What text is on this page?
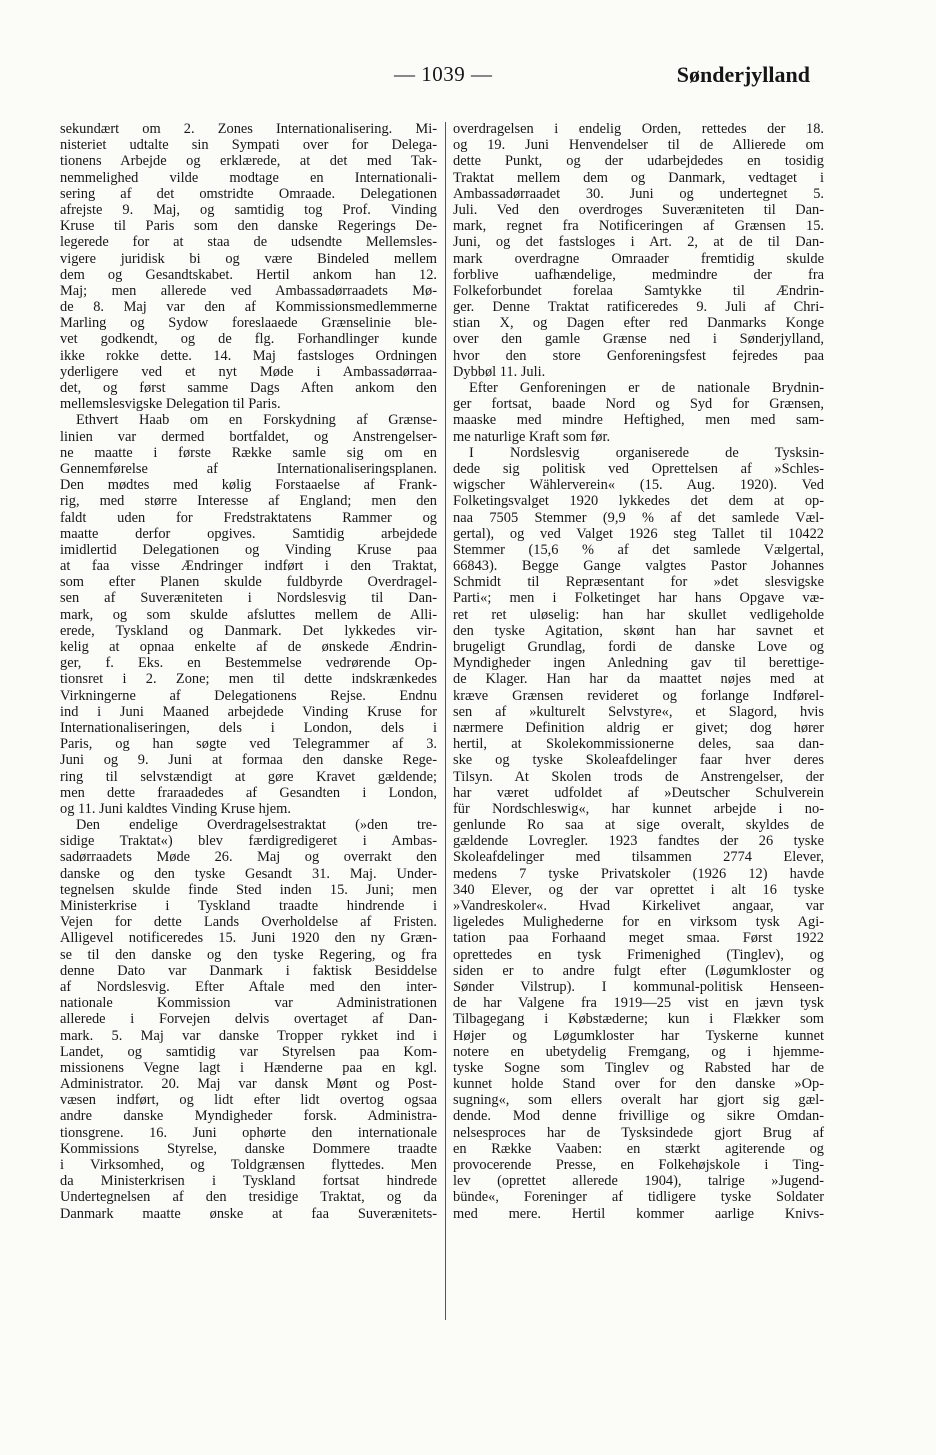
— 1039 —	Sønderjylland
sekundært om 2. Zones Internationalisering. Mi-
nisteriet udtalte sin Sympati over for Delega-
tionens Arbejde og erklærede, at det med Tak-
nemmelighed vilde modtage en Internationali-
sering af det omstridte Omraade. Delegationen
afrejste 9. Maj, og samtidig tog Prof. Vinding
Kruse til Paris som den danske Regerings De-
legerede for at staa de udsendte Mellemsles-
vigere juridisk bi og være Bindeled mellem
dem og Gesandtskabet. Hertil ankom han 12.
Maj; men allerede ved Ambassadørraadets Mø-
de 8. Maj var den af Kommissionsmedlemmerne
Marling og Sydow foreslaaede Grænselinie ble-
vet godkendt, og de flg. Forhandlinger kunde
ikke rokke dette. 14. Maj fastsloges Ordningen
yderligere ved et nyt Møde i Ambassadørraa-
det, og først samme Dags Aften ankom den
mellemslesvigske Delegation til Paris.
Ethvert Haab om en Forskydning af Grænse-
linien var dermed bortfaldet, og Anstrengelser-
ne maatte i første Række samle sig om en
Gennemførelse af Internationaliseringsplanen.
Den mødtes med kølig Forstaaelse af Frank-
rig, med større Interesse af England; men den
faldt uden for Fredstraktatens Rammer og
maatte derfor opgives. Samtidig arbejdede
imidlertid Delegationen og Vinding Kruse paa
at faa visse Ændringer indført i den Traktat,
som efter Planen skulde fuldbyrde Overdragel-
sen af Suveræniteten i Nordslesvig til Dan-
mark, og som skulde afsluttes mellem de Alli-
erede, Tyskland og Danmark. Det lykkedes vir-
kelig at opnaa enkelte af de ønskede Ændrin-
ger, f. Eks. en Bestemmelse vedrørende Op-
tionsret i 2. Zone; men til dette indskrænkedes
Virkningerne af Delegationens Rejse. Endnu
ind i Juni Maaned arbejdede Vinding Kruse for
Internationaliseringen, dels i London, dels i
Paris, og han søgte ved Telegrammer af 3.
Juni og 9. Juni at formaa den danske Rege-
ring til selvstændigt at gøre Kravet gældende;
men dette fraraadedes af Gesandten i London,
og 11. Juni kaldtes Vinding Kruse hjem.
Den endelige Overdragelsestraktat (»den tre-
sidige Traktat«) blev færdigredigeret i Ambas-
sadørraadets Møde 26. Maj og overrakt den
danske og den tyske Gesandt 31. Maj. Under-
tegnelsen skulde finde Sted inden 15. Juni; men
Ministerkrise i Tyskland traadte hindrende i
Vejen for dette Lands Overholdelse af Fristen.
Alligevel notificeredes 15. Juni 1920 den ny Græn-
se til den danske og den tyske Regering, og fra
denne Dato var Danmark i faktisk Besiddelse
af Nordslesvig. Efter Aftale med den inter-
nationale Kommission var Administrationen
allerede i Forvejen delvis overtaget af Dan-
mark. 5. Maj var danske Tropper rykket ind i
Landet, og samtidig var Styrelsen paa Kom-
missionens Vegne lagt i Hænderne paa en kgl.
Administrator. 20. Maj var dansk Mønt og Post-
væsen indført, og lidt efter lidt overtog ogsaa
andre danske Myndigheder forsk. Administra-
tionsgrene. 16. Juni ophørte den internationale
Kommissions Styrelse, danske Dommere traadte
i Virksomhed, og Toldgrænsen flyttedes. Men
da Ministerkrisen i Tyskland fortsat hindrede
Undertegnelsen af den tresidige Traktat, og da
Danmark maatte ønske at faa Suverænitets-
overdragelsen i endelig Orden, rettedes der 18.
og 19. Juni Henvendelser til de Allierede om
dette Punkt, og der udarbejdedes en tosidig
Traktat mellem dem og Danmark, vedtaget i
Ambassadørraadet 30. Juni og undertegnet 5.
Juli. Ved den overdroges Suveræniteten til Dan-
mark, regnet fra Notificeringen af Grænsen 15.
Juni, og det fastsloges i Art. 2, at de til Dan-
mark overdragne Omraader fremtidig skulde
forblive uafhændelige, medmindre der fra
Folkeforbundet forelaa Samtykke til Ændrin-
ger. Denne Traktat ratificeredes 9. Juli af Chri-
stian X, og Dagen efter red Danmarks Konge
over den gamle Grænse ned i Sønderjylland,
hvor den store Genforeningsfest fejredes paa
Dybbøl 11. Juli.
Efter Genforeningen er de nationale Brydnin-
ger fortsat, baade Nord og Syd for Grænsen,
maaske med mindre Heftighed, men med sam-
me naturlige Kraft som før.
I Nordslesvig organiserede de Tysksin-
dede sig politisk ved Oprettelsen af »Schles-
wigscher Wählerverein« (15. Aug. 1920). Ved
Folketingsvalget 1920 lykkedes det dem at op-
naa 7505 Stemmer (9,9 % af det samlede Væl-
gertal), og ved Valget 1926 steg Tallet til 10422
Stemmer (15,6 % af det samlede Vælgertal,
66843). Begge Gange valgtes Pastor Johannes
Schmidt til Repræsentant for »det slesvigske
Parti«; men i Folketinget har hans Opgave væ-
ret ret uløselig: han har skullet vedligeholde
den tyske Agitation, skønt han har savnet et
brugeligt Grundlag, fordi de danske Love og
Myndigheder ingen Anledning gav til berettige-
de Klager. Han har da maattet nøjes med at
kræve Grænsen revideret og forlange Indførel-
sen af »kulturelt Selvstyre«, et Slagord, hvis
nærmere Definition aldrig er givet; dog hører
hertil, at Skolekommissionerne deles, saa dan-
ske og tyske Skoleafdelinger faar hver deres
Tilsyn. At Skolen trods de Anstrengelser, der
har været udfoldet af »Deutscher Schulverein
für Nordschleswig«, har kunnet arbejde i no-
genlunde Ro saa at sige overalt, skyldes de
gældende Lovregler. 1923 fandtes der 26 tyske
Skoleafdelinger med tilsammen 2774 Elever,
medens 7 tyske Privatskoler (1926 12) havde
340 Elever, og der var oprettet i alt 16 tyske
»Vandreskoler«. Hvad Kirkelivet angaar, var
ligeledes Mulighederne for en virksom tysk Agi-
tation paa Forhaand meget smaa. Først 1922
oprettedes en tysk Frimenighed (Tinglev), og
siden er to andre fulgt efter (Løgumkloster og
Sønder Vilstrup). I kommunal-politisk Henseen-
de har Valgene fra 1919—25 vist en jævn tysk
Tilbagegang i Købstæderne; kun i Flækker som
Højer og Løgumkloster har Tyskerne kunnet
notere en ubetydelig Fremgang, og i hjemme-
tyske Sogne som Tinglev og Rabsted har de
kunnet holde Stand over for den danske »Op-
sugning«, som ellers overalt har gjort sig gæl-
dende. Mod denne frivillige og sikre Omdan-
nelsesproces har de Tysksindede gjort Brug af
en Række Vaaben: en stærkt agiterende og
provocerende Presse, en Folkehøjskole i Ting-
lev (oprettet allerede 1904), talrige »Jugend-
bünde«, Foreninger af tidligere tyske Soldater
med mere. Hertil kommer aarlige Knivs-
